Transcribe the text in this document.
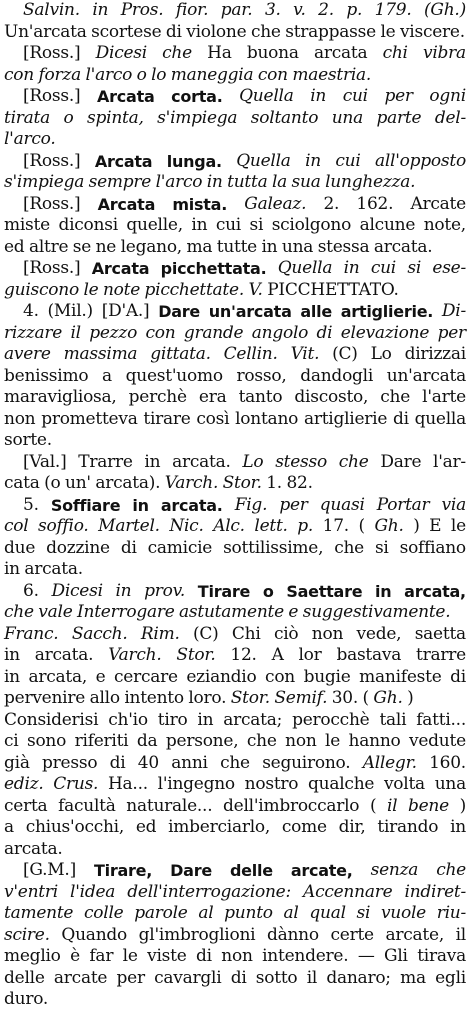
Salvin. in Pros. fior. par. 3. v. 2. p. 179. (Gh.)
Un'arcata scortese di violone che strappasse le viscere.
[Ross.] Dicesi che Ha buona arcata chi vibra
con forza l'arco o lo maneggia con maestria.
[Ross.] Arcata corta. Quella in cui per ogni
tirata o spinta, s'impiega soltanto una parte del-
l'arco.
[Ross.] Arcata lunga. Quella in cui all'opposto
s'impiega sempre l'arco in tutta la sua lunghezza.
[Ross.] Arcata mista. Galeaz. 2. 162. Arcate
miste diconsi quelle, in cui si sciolgono alcune note,
ed altre se ne legano, ma tutte in una stessa arcata.
[Ross.] Arcata picchettata. Quella in cui si ese-
guiscono le note picchettate. V. PICCHETTATO.
4. (Mil.) [D'A.] Dare un'arcata alle artiglierie. Di-
rizzare il pezzo con grande angolo di elevazione per
avere massima gittata. Cellin. Vit. (C) Lo dirizzai
benissimo a quest'uomo rosso, dandogli un'arcata
maravigliosa, perchè era tanto discosto, che l'arte
non prometteva tirare così lontano artiglierie di quella
sorte.
[Val.] Trarre in arcata. Lo stesso che Dare l'ar-
cata (o un' arcata). Varch. Stor. 1. 82.
5. Soffiare in arcata. Fig. per quasi Portar via
col soffio. Martel. Nic. Alc. lett. p. 17. ( Gh. ) E le
due dozzine di camicie sottilissime, che si soffiano
in arcata.
6. Dicesi in prov. Tirare o Saettare in arcata,
che vale Interrogare astutamente e suggestivamente.
Franc. Sacch. Rim. (C) Chi ciò non vede, saetta
in arcata. Varch. Stor. 12. A lor bastava trarre
in arcata, e cercare eziandio con bugie manifeste di
pervenire allo intento loro. Stor. Semif. 30. ( Gh. )
Considerisi ch'io tiro in arcata; perocchè tali fatti...
ci sono riferiti da persone, che non le hanno vedute
già presso di 40 anni che seguirono. Allegr. 160.
ediz. Crus. Ha... l'ingegno nostro qualche volta una
certa facultà naturale... dell'imbroccarlo ( il bene )
a chius'occhi, ed imberciarlo, come dir, tirando in
arcata.
[G.M.] Tirare, Dare delle arcate, senza che
v'entri l'idea dell'interrogazione: Accennare indiret-
tamente colle parole al punto al qual si vuole riu-
scire. Quando gl'imbroglioni dànno certe arcate, il
meglio è far le viste di non intendere. — Gli tirava
delle arcate per cavargli di sotto il danaro; ma egli
duro.
